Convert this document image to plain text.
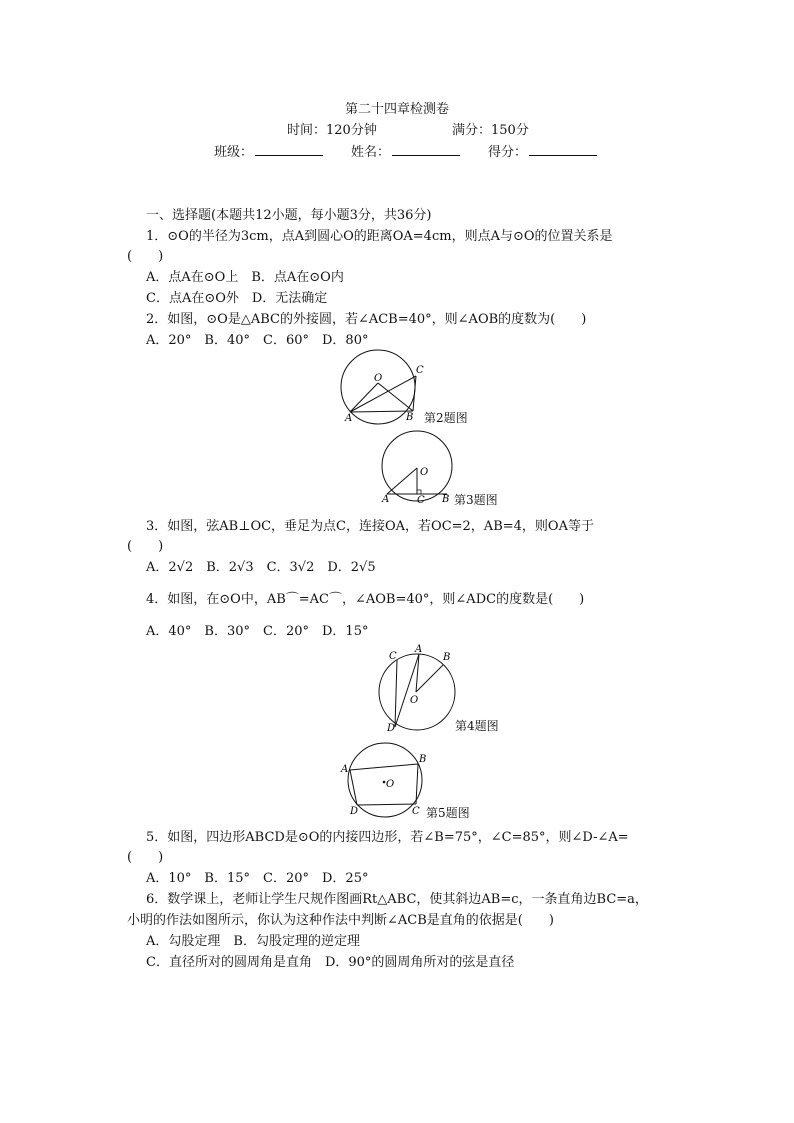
第二十四章检测卷
时间：120分钟	满分：150分
班级：	姓名：	得分：
一、选择题(本题共12小题，每小题3分，共36分)
1．⊙O的半径为3cm，点A到圆心O的距离OA=4cm，则点A与⊙O的位置关系是
(　　)
A．点A在⊙O上　B．点A在⊙O内
C．点A在⊙O外　D．无法确定
2．如图，⊙O是△ABC的外接圆，若∠ACB=40°，则∠AOB的度数为(　　)
A．20°　B．40°　C．60°　D．80°
O
C
A	B 第2题图
O
A	C B 第3题图
3．如图，弦AB⊥OC，垂足为点C，连接OA，若OC=2，AB=4，则OA等于
(　　)
A．2√2　B．2√3　C．3√2　D．2√5
4．如图，在⊙O中，AB⌒=AC⌒，∠AOB=40°，则∠ADC的度数是(　　)
A．40°　B．30°　C．20°　D．15°
A
C	B
O
D	第4题图
O
A
B
C
D	第5题图
5．如图，四边形ABCD是⊙O的内接四边形，若∠B=75°，∠C=85°，则∠D-∠A=
(　　)
A．10°　B．15°　C．20°　D．25°
6．数学课上，老师让学生尺规作图画Rt△ABC，使其斜边AB=c，一条直角边BC=a，
小明的作法如图所示，你认为这种作法中判断∠ACB是直角的依据是(　　)
A．勾股定理　B．勾股定理的逆定理
C．直径所对的圆周角是直角　D．90°的圆周角所对的弦是直径
